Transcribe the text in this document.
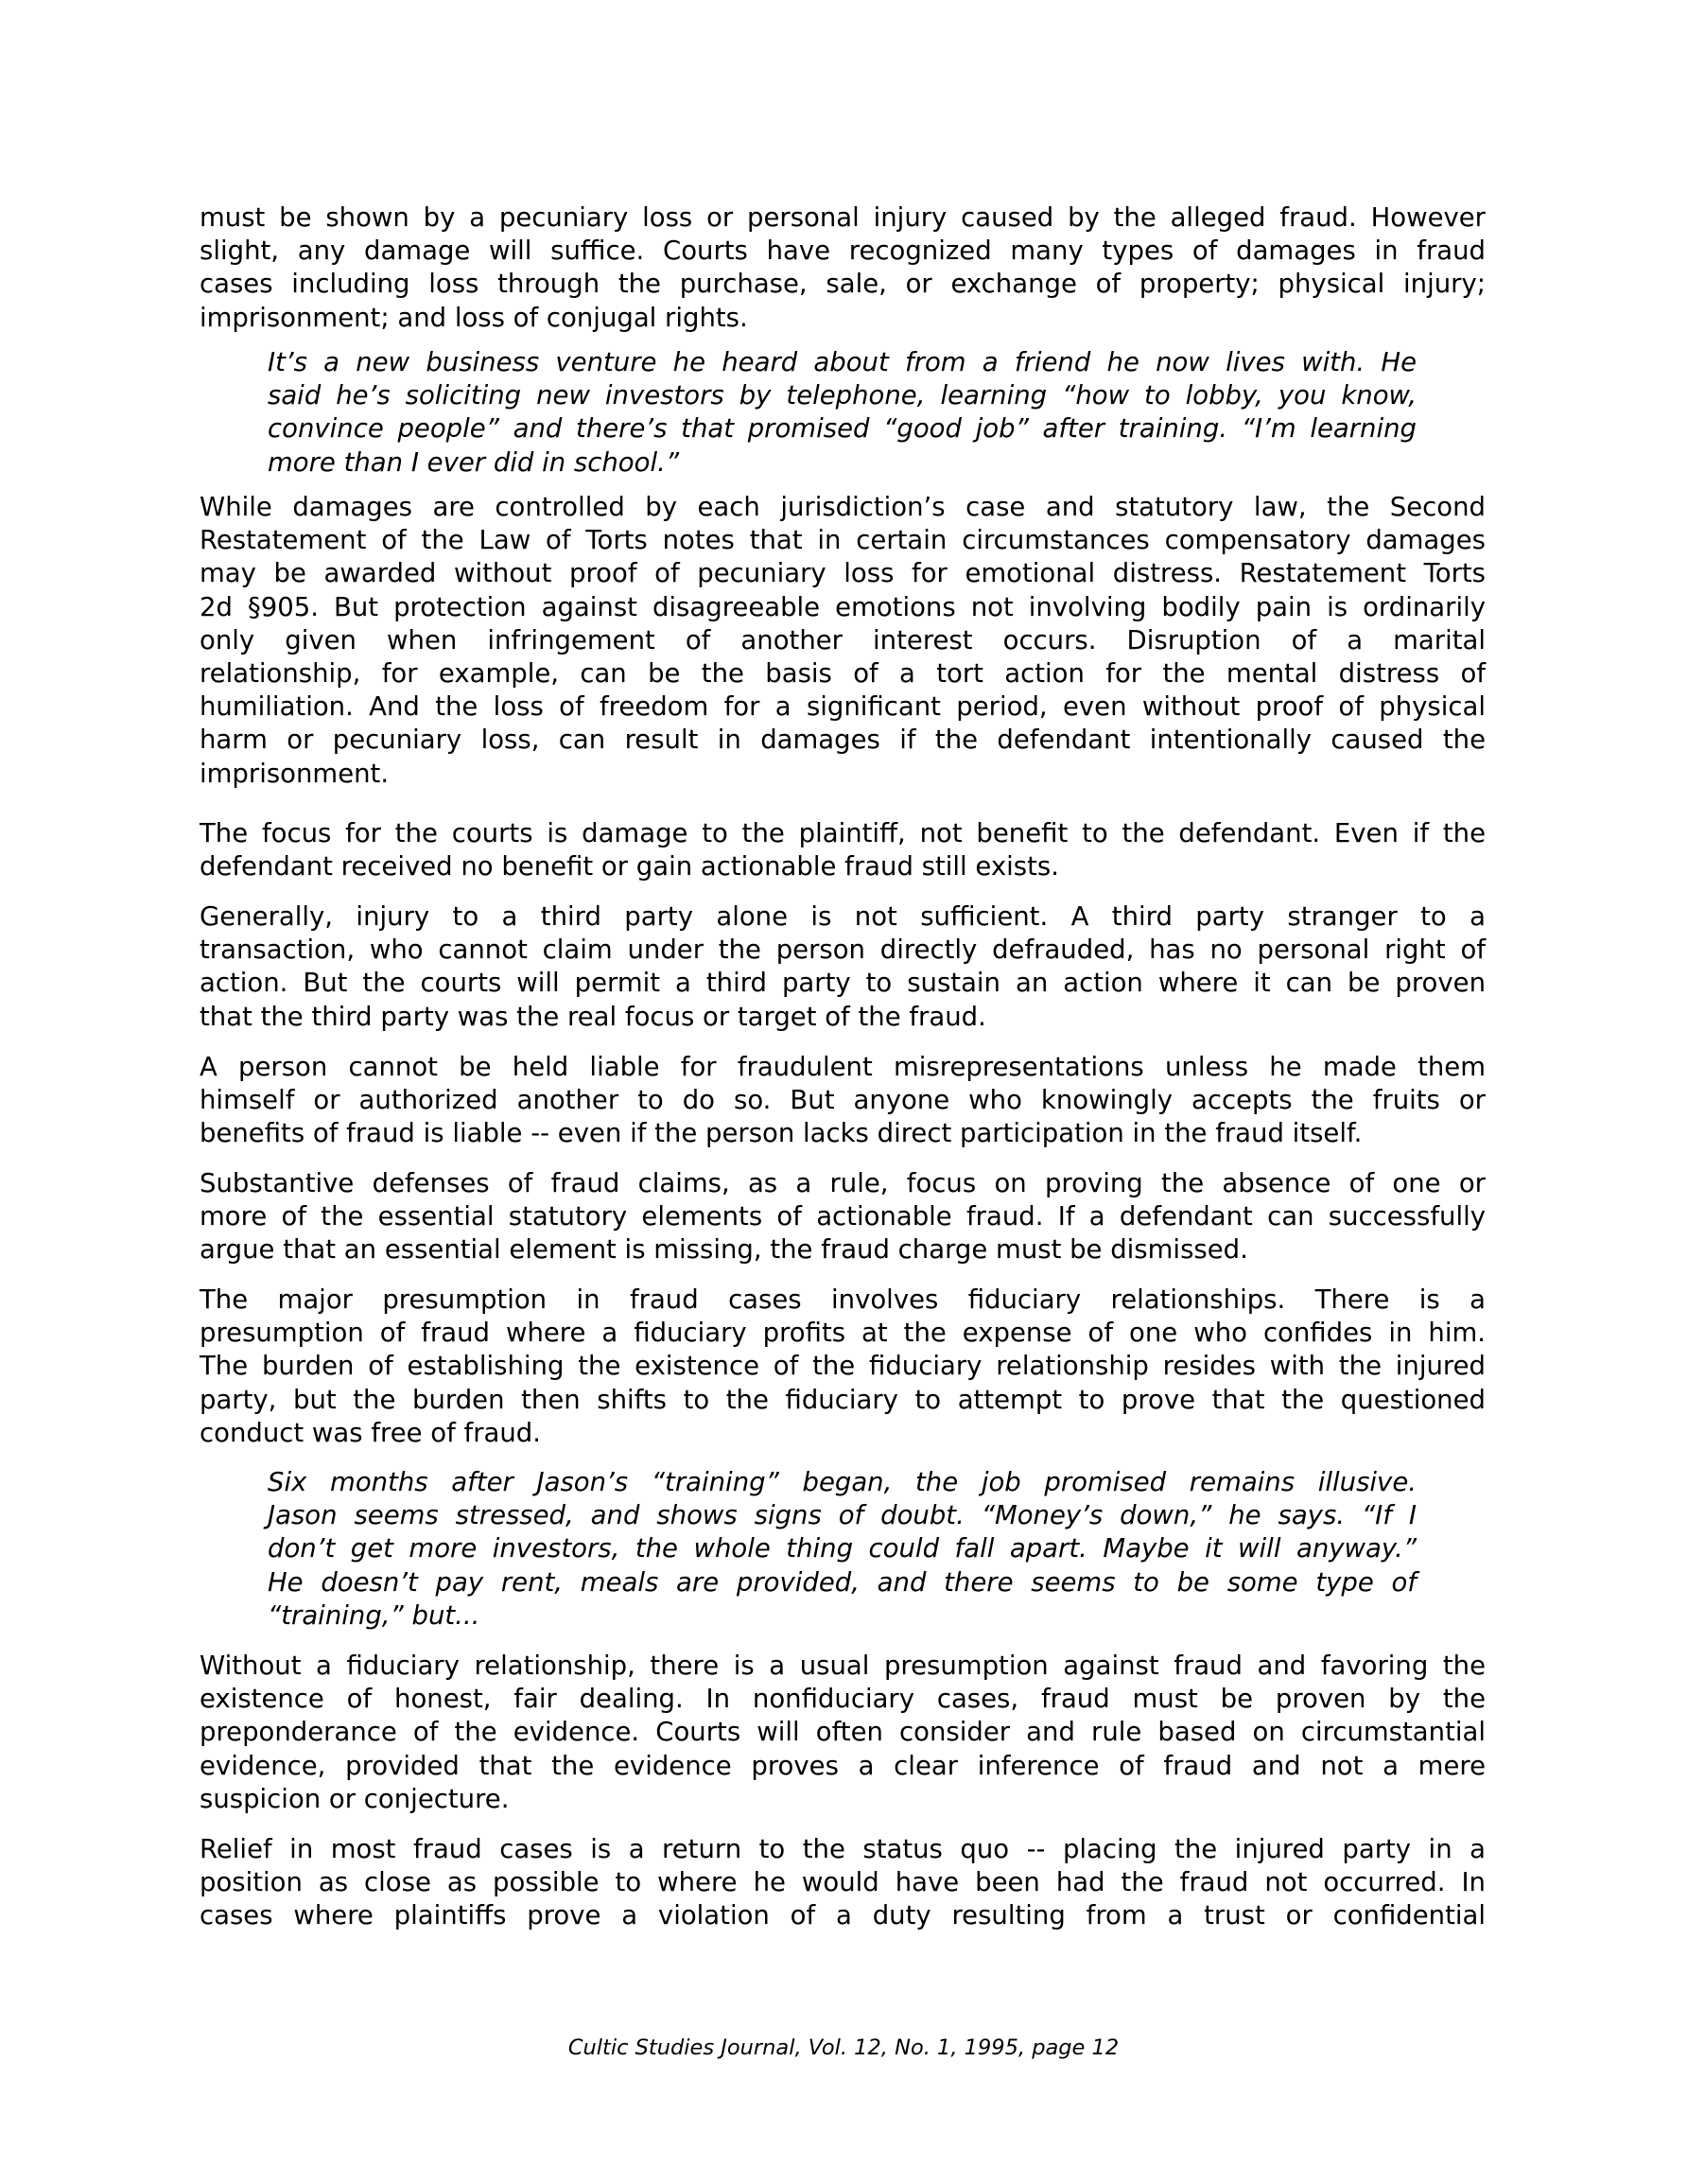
must be shown by a pecuniary loss or personal injury caused by the alleged fraud. However
slight, any damage will suffice. Courts have recognized many types of damages in fraud
cases including loss through the purchase, sale, or exchange of property; physical injury;
imprisonment; and loss of conjugal rights.
It’s a new business venture he heard about from a friend he now lives with. He
said he’s soliciting new investors by telephone, learning “how to lobby, you know,
convince people” and there’s that promised “good job” after training. “I’m learning
more than I ever did in school.”
While damages are controlled by each jurisdiction’s case and statutory law, the Second
Restatement of the Law of Torts notes that in certain circumstances compensatory damages
may be awarded without proof of pecuniary loss for emotional distress. Restatement Torts
2d §905. But protection against disagreeable emotions not involving bodily pain is ordinarily
only given when infringement of another interest occurs. Disruption of a marital
relationship, for example, can be the basis of a tort action for the mental distress of
humiliation. And the loss of freedom for a significant period, even without proof of physical
harm or pecuniary loss, can result in damages if the defendant intentionally caused the
imprisonment.
The focus for the courts is damage to the plaintiff, not benefit to the defendant. Even if the
defendant received no benefit or gain actionable fraud still exists.
Generally, injury to a third party alone is not sufficient. A third party stranger to a
transaction, who cannot claim under the person directly defrauded, has no personal right of
action. But the courts will permit a third party to sustain an action where it can be proven
that the third party was the real focus or target of the fraud.
A person cannot be held liable for fraudulent misrepresentations unless he made them
himself or authorized another to do so. But anyone who knowingly accepts the fruits or
benefits of fraud is liable -- even if the person lacks direct participation in the fraud itself.
Substantive defenses of fraud claims, as a rule, focus on proving the absence of one or
more of the essential statutory elements of actionable fraud. If a defendant can successfully
argue that an essential element is missing, the fraud charge must be dismissed.
The major presumption in fraud cases involves fiduciary relationships. There is a
presumption of fraud where a fiduciary profits at the expense of one who confides in him.
The burden of establishing the existence of the fiduciary relationship resides with the injured
party, but the burden then shifts to the fiduciary to attempt to prove that the questioned
conduct was free of fraud.
Six months after Jason’s “training” began, the job promised remains illusive.
Jason seems stressed, and shows signs of doubt. “Money’s down,” he says. “If I
don’t get more investors, the whole thing could fall apart. Maybe it will anyway.”
He doesn’t pay rent, meals are provided, and there seems to be some type of
“training,” but...
Without a fiduciary relationship, there is a usual presumption against fraud and favoring the
existence of honest, fair dealing. In nonfiduciary cases, fraud must be proven by the
preponderance of the evidence. Courts will often consider and rule based on circumstantial
evidence, provided that the evidence proves a clear inference of fraud and not a mere
suspicion or conjecture.
Relief in most fraud cases is a return to the status quo -- placing the injured party in a
position as close as possible to where he would have been had the fraud not occurred. In
cases where plaintiffs prove a violation of a duty resulting from a trust or confidential
Cultic Studies Journal, Vol. 12, No. 1, 1995, page 12
